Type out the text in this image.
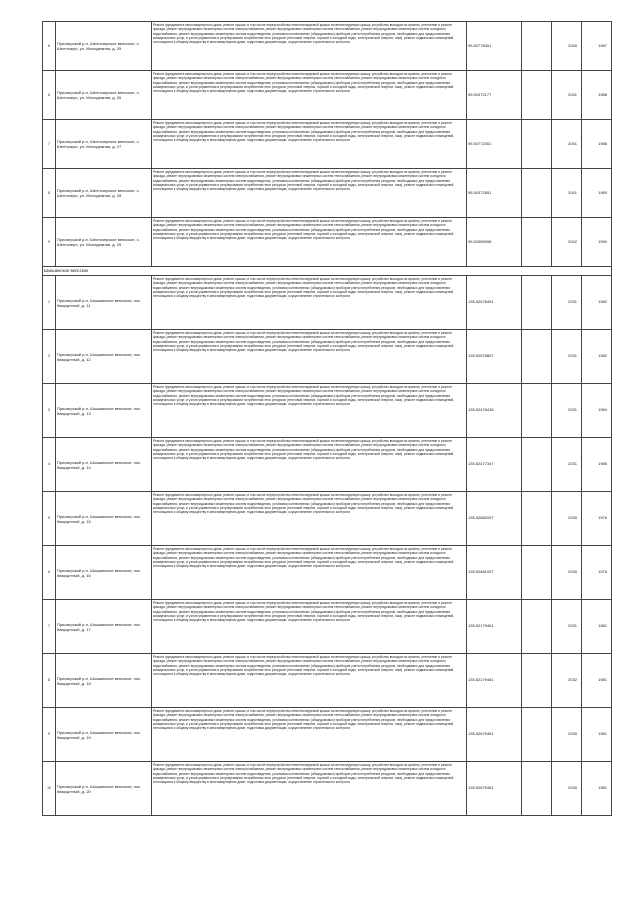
6	Приозерский р-н, Шелтозерское вепсское, с. Шелтозеро, ул. Молодежная, д. 25	Ремонт фундамента многоквартирного дома, ремонт крыши, в том числе переустройство невентилируемой крыши на вентилируемую крышу, устройство выходов на кровлю, утепление и ремонт фасада, ремонт внутридомовых инженерных систем электроснабжения, ремонт внутридомовых инженерных систем теплоснабжения, ремонт внутридомовых инженерных систем холодного водоснабжения, ремонт внутридомовых инженерных систем водоотведения, установка коллективных (общедомовых) приборов учета потребления ресурсов, необходимых для предоставления коммунальных услуг, и узлов управления и регулирования потребления этих ресурсов (тепловой энергии, горячей и холодной воды, электрической энергии, газа), ремонт подвальных помещений, относящихся к общему имуществу в многоквартирном доме, подготовка документации, осуществление строительного контроля	95.50778451		2040	1987
6	Приозерский р-н, Шелтозерское вепсское, с. Шелтозеро, ул. Молодежная, д. 26	Ремонт фундамента многоквартирного дома, ремонт крыши, в том числе переустройство невентилируемой крыши на вентилируемую крышу, устройство выходов на кровлю, утепление и ремонт фасада, ремонт внутридомовых инженерных систем электроснабжения, ремонт внутридомовых инженерных систем теплоснабжения, ремонт внутридомовых инженерных систем холодного водоснабжения, ремонт внутридомовых инженерных систем водоотведения, установка коллективных (общедомовых) приборов учета потребления ресурсов, необходимых для предоставления коммунальных услуг, и узлов управления и регулирования потребления этих ресурсов (тепловой энергии, горячей и холодной воды, электрической энергии, газа), ремонт подвальных помещений, относящихся к общему имуществу в многоквартирном доме, подготовка документации, осуществление строительного контроля	95.50372177		2041	1988
7	Приозерский р-н, Шелтозерское вепсское, с. Шелтозеро, ул. Молодежная, д. 27	Ремонт фундамента многоквартирного дома, ремонт крыши, в том числе переустройство невентилируемой крыши на вентилируемую крышу, устройство выходов на кровлю, утепление и ремонт фасада, ремонт внутридомовых инженерных систем электроснабжения, ремонт внутридомовых инженерных систем теплоснабжения, ремонт внутридомовых инженерных систем холодного водоснабжения, ремонт внутридомовых инженерных систем водоотведения, установка коллективных (общедомовых) приборов учета потребления ресурсов, необходимых для предоставления коммунальных услуг, и узлов управления и регулирования потребления этих ресурсов (тепловой энергии, горячей и холодной воды, электрической энергии, газа), ремонт подвальных помещений, относящихся к общему имуществу в многоквартирном доме, подготовка документации, осуществление строительного контроля	95.50772451		2041	1988
8	Приозерский р-н, Шелтозерское вепсское, с. Шелтозеро, ул. Молодежная, д. 28	Ремонт фундамента многоквартирного дома, ремонт крыши, в том числе переустройство невентилируемой крыши на вентилируемую крышу, устройство выходов на кровлю, утепление и ремонт фасада, ремонт внутридомовых инженерных систем электроснабжения, ремонт внутридомовых инженерных систем теплоснабжения, ремонт внутридомовых инженерных систем холодного водоснабжения, ремонт внутридомовых инженерных систем водоотведения, установка коллективных (общедомовых) приборов учета потребления ресурсов, необходимых для предоставления коммунальных услуг, и узлов управления и регулирования потребления этих ресурсов (тепловой энергии, горячей и холодной воды, электрической энергии, газа), ремонт подвальных помещений, относящихся к общему имуществу в многоквартирном доме, подготовка документации, осуществление строительного контроля	95.50372851		2041	1989
9	Приозерский р-н, Шелтозерское вепсское, с. Шелтозеро, ул. Молодежная, д. 29	Ремонт фундамента многоквартирного дома, ремонт крыши, в том числе переустройство невентилируемой крыши на вентилируемую крышу, устройство выходов на кровлю, утепление и ремонт фасада, ремонт внутридомовых инженерных систем электроснабжения, ремонт внутридомовых инженерных систем теплоснабжения, ремонт внутридомовых инженерных систем холодного водоснабжения, ремонт внутридомовых инженерных систем водоотведения, установка коллективных (общедомовых) приборов учета потребления ресурсов, необходимых для предоставления коммунальных услуг, и узлов управления и регулирования потребления этих ресурсов (тепловой энергии, горячей и холодной воды, электрической энергии, газа), ремонт подвальных помещений, относящихся к общему имуществу в многоквартирном доме, подготовка документации, осуществление строительного контроля	95.50356998		2042	1990
Шокшинское вепсское						
1	Приозерский р-н, Шокшинское вепсское, пос. Кварцитный, д. 11	Ремонт фундамента многоквартирного дома, ремонт крыши, в том числе переустройство невентилируемой крыши на вентилируемую крышу, устройство выходов на кровлю, утепление и ремонт фасада, ремонт внутридомовых инженерных систем электроснабжения, ремонт внутридомовых инженерных систем теплоснабжения, ремонт внутридомовых инженерных систем холодного водоснабжения, ремонт внутридомовых инженерных систем водоотведения, установка коллективных (общедомовых) приборов учета потребления ресурсов, необходимых для предоставления коммунальных услуг, и узлов управления и регулирования потребления этих ресурсов (тепловой энергии, горячей и холодной воды, электрической энергии, газа), ремонт подвальных помещений, относящихся к общему имуществу в многоквартирном доме, подготовка документации, осуществление строительного контроля	135.52578451		2031	1982
2	Приозерский р-н, Шокшинское вепсское, пос. Кварцитный, д. 12	Ремонт фундамента многоквартирного дома, ремонт крыши, в том числе переустройство невентилируемой крыши на вентилируемую крышу, устройство выходов на кровлю, утепление и ремонт фасада, ремонт внутридомовых инженерных систем электроснабжения, ремонт внутридомовых инженерных систем теплоснабжения, ремонт внутридомовых инженерных систем холодного водоснабжения, ремонт внутридомовых инженерных систем водоотведения, установка коллективных (общедомовых) приборов учета потребления ресурсов, необходимых для предоставления коммунальных услуг, и узлов управления и регулирования потребления этих ресурсов (тепловой энергии, горячей и холодной воды, электрической энергии, газа), ремонт подвальных помещений, относящихся к общему имуществу в многоквартирном доме, подготовка документации, осуществление строительного контроля	135.52578807		2031	1982
3	Приозерский р-н, Шокшинское вепсское, пос. Кварцитный, д. 13	Ремонт фундамента многоквартирного дома, ремонт крыши, в том числе переустройство невентилируемой крыши на вентилируемую крышу, устройство выходов на кровлю, утепление и ремонт фасада, ремонт внутридомовых инженерных систем электроснабжения, ремонт внутридомовых инженерных систем теплоснабжения, ремонт внутридомовых инженерных систем холодного водоснабжения, ремонт внутридомовых инженерных систем водоотведения, установка коллективных (общедомовых) приборов учета потребления ресурсов, необходимых для предоставления коммунальных услуг, и узлов управления и регулирования потребления этих ресурсов (тепловой энергии, горячей и холодной воды, электрической энергии, газа), ремонт подвальных помещений, относящихся к общему имуществу в многоквартирном доме, подготовка документации, осуществление строительного контроля	135.52476436		2031	1984
4	Приозерский р-н, Шокшинское вепсское, пос. Кварцитный, д. 14	Ремонт фундамента многоквартирного дома, ремонт крыши, в том числе переустройство невентилируемой крыши на вентилируемую крышу, устройство выходов на кровлю, утепление и ремонт фасада, ремонт внутридомовых инженерных систем электроснабжения, ремонт внутридомовых инженерных систем теплоснабжения, ремонт внутридомовых инженерных систем холодного водоснабжения, ремонт внутридомовых инженерных систем водоотведения, установка коллективных (общедомовых) приборов учета потребления ресурсов, необходимых для предоставления коммунальных услуг, и узлов управления и регулирования потребления этих ресурсов (тепловой энергии, горячей и холодной воды, электрической энергии, газа), ремонт подвальных помещений, относящихся к общему имуществу в многоквартирном доме, подготовка документации, осуществление строительного контроля	135.52477347		2031	1985
5	Приозерский р-н, Шокшинское вепсское, пос. Кварцитный, д. 15	Ремонт фундамента многоквартирного дома, ремонт крыши, в том числе переустройство невентилируемой крыши на вентилируемую крышу, устройство выходов на кровлю, утепление и ремонт фасада, ремонт внутридомовых инженерных систем электроснабжения, ремонт внутридомовых инженерных систем теплоснабжения, ремонт внутридомовых инженерных систем холодного водоснабжения, ремонт внутридомовых инженерных систем водоотведения, установка коллективных (общедомовых) приборов учета потребления ресурсов, необходимых для предоставления коммунальных услуг, и узлов управления и регулирования потребления этих ресурсов (тепловой энергии, горячей и холодной воды, электрической энергии, газа), ремонт подвальных помещений, относящихся к общему имуществу в многоквартирном доме, подготовка документации, осуществление строительного контроля	135.52882007		2030	1976
6	Приозерский р-н, Шокшинское вепсское, пос. Кварцитный, д. 16	Ремонт фундамента многоквартирного дома, ремонт крыши, в том числе переустройство невентилируемой крыши на вентилируемую крышу, устройство выходов на кровлю, утепление и ремонт фасада, ремонт внутридомовых инженерных систем электроснабжения, ремонт внутридомовых инженерных систем теплоснабжения, ремонт внутридомовых инженерных систем холодного водоснабжения, ремонт внутридомовых инженерных систем водоотведения, установка коллективных (общедомовых) приборов учета потребления ресурсов, необходимых для предоставления коммунальных услуг, и узлов управления и регулирования потребления этих ресурсов (тепловой энергии, горячей и холодной воды, электрической энергии, газа), ремонт подвальных помещений, относящихся к общему имуществу в многоквартирном доме, подготовка документации, осуществление строительного контроля	135.52881007		2030	1976
7	Приозерский р-н, Шокшинское вепсское, пос. Кварцитный, д. 17	Ремонт фундамента многоквартирного дома, ремонт крыши, в том числе переустройство невентилируемой крыши на вентилируемую крышу, устройство выходов на кровлю, утепление и ремонт фасада, ремонт внутридомовых инженерных систем электроснабжения, ремонт внутридомовых инженерных систем теплоснабжения, ремонт внутридомовых инженерных систем холодного водоснабжения, ремонт внутридомовых инженерных систем водоотведения, установка коллективных (общедомовых) приборов учета потребления ресурсов, необходимых для предоставления коммунальных услуг, и узлов управления и регулирования потребления этих ресурсов (тепловой энергии, горячей и холодной воды, электрической энергии, газа), ремонт подвальных помещений, относящихся к общему имуществу в многоквартирном доме, подготовка документации, осуществление строительного контроля	135.52179461		2031	1981
8	Приозерский р-н, Шокшинское вепсское, пос. Кварцитный, д. 18	Ремонт фундамента многоквартирного дома, ремонт крыши, в том числе переустройство невентилируемой крыши на вентилируемую крышу, устройство выходов на кровлю, утепление и ремонт фасада, ремонт внутридомовых инженерных систем электроснабжения, ремонт внутридомовых инженерных систем теплоснабжения, ремонт внутридомовых инженерных систем холодного водоснабжения, ремонт внутридомовых инженерных систем водоотведения, установка коллективных (общедомовых) приборов учета потребления ресурсов, необходимых для предоставления коммунальных услуг, и узлов управления и регулирования потребления этих ресурсов (тепловой энергии, горячей и холодной воды, электрической энергии, газа), ремонт подвальных помещений, относящихся к общему имуществу в многоквартирном доме, подготовка документации, осуществление строительного контроля	135.52179461		2032	1981
9	Приозерский р-н, Шокшинское вепсское, пос. Кварцитный, д. 19	Ремонт фундамента многоквартирного дома, ремонт крыши, в том числе переустройство невентилируемой крыши на вентилируемую крышу, устройство выходов на кровлю, утепление и ремонт фасада, ремонт внутридомовых инженерных систем электроснабжения, ремонт внутридомовых инженерных систем теплоснабжения, ремонт внутридомовых инженерных систем холодного водоснабжения, ремонт внутридомовых инженерных систем водоотведения, установка коллективных (общедомовых) приборов учета потребления ресурсов, необходимых для предоставления коммунальных услуг, и узлов управления и регулирования потребления этих ресурсов (тепловой энергии, горячей и холодной воды, электрической энергии, газа), ремонт подвальных помещений, относящихся к общему имуществу в многоквартирном доме, подготовка документации, осуществление строительного контроля	135.52679461		2030	1981
10	Приозерский р-н, Шокшинское вепсское, пос. Кварцитный, д. 20	Ремонт фундамента многоквартирного дома, ремонт крыши, в том числе переустройство невентилируемой крыши на вентилируемую крышу, устройство выходов на кровлю, утепление и ремонт фасада, ремонт внутридомовых инженерных систем электроснабжения, ремонт внутридомовых инженерных систем теплоснабжения, ремонт внутридомовых инженерных систем холодного водоснабжения, ремонт внутридомовых инженерных систем водоотведения, установка коллективных (общедомовых) приборов учета потребления ресурсов, необходимых для предоставления коммунальных услуг, и узлов управления и регулирования потребления этих ресурсов (тепловой энергии, горячей и холодной воды, электрической энергии, газа), ремонт подвальных помещений, относящихся к общему имуществу в многоквартирном доме, подготовка документации, осуществление строительного контроля	135.52679461		2030	1981
